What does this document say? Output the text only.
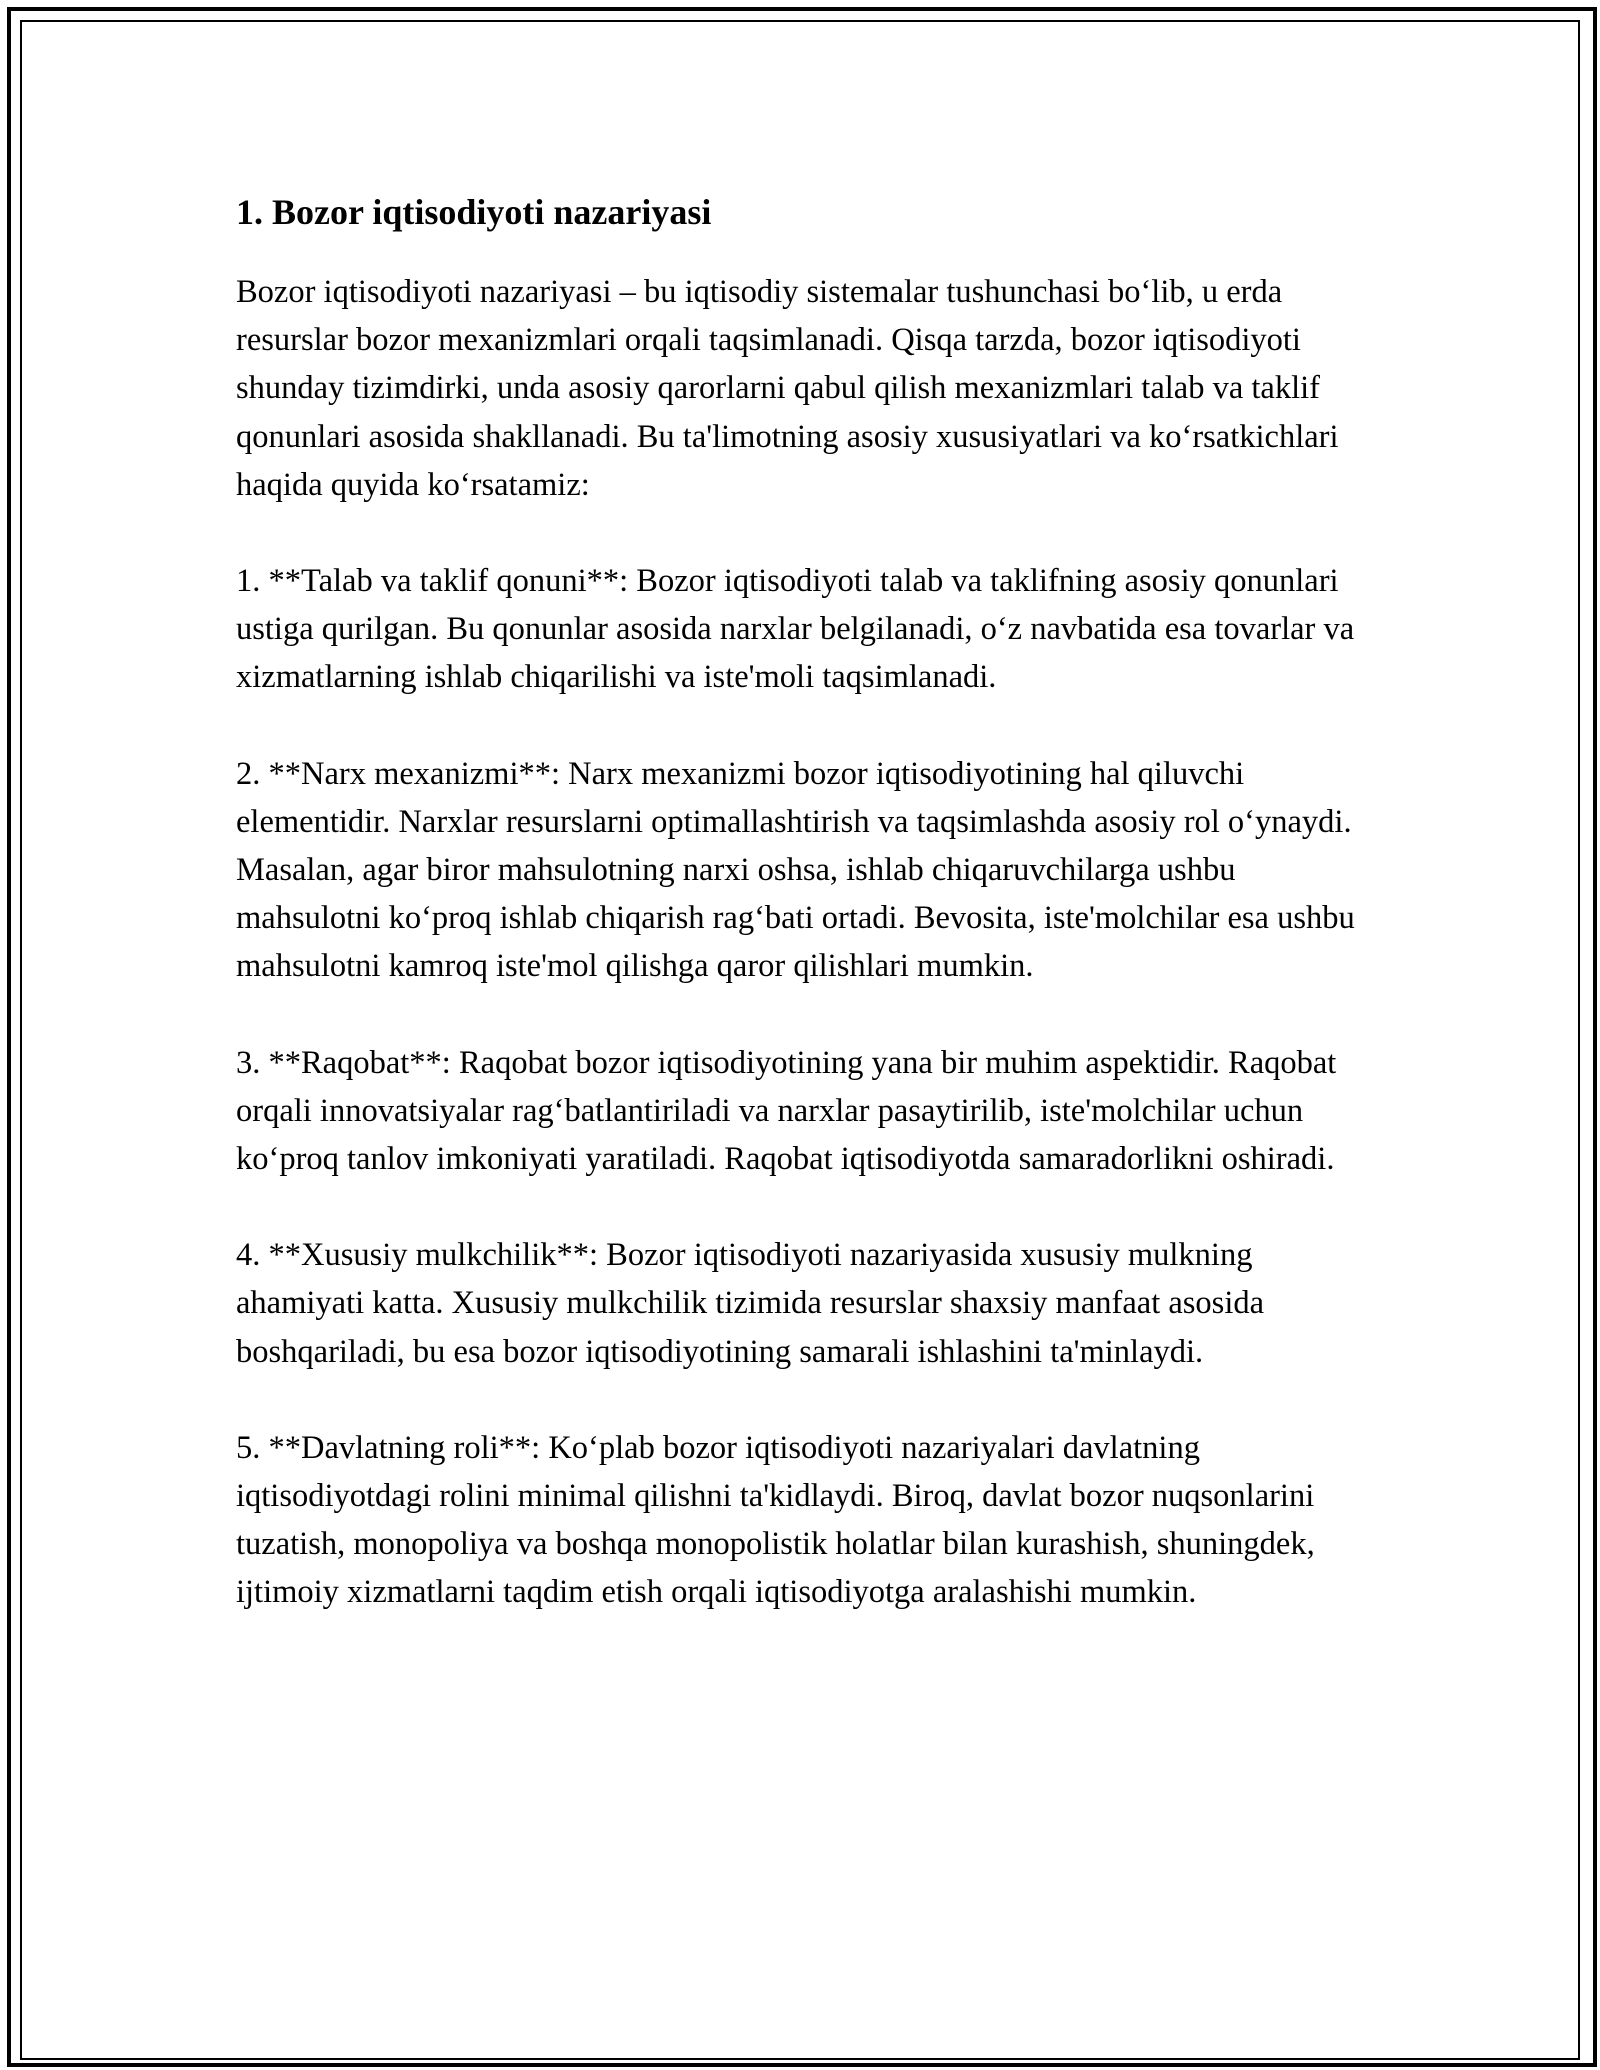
1. Bozor iqtisodiyoti nazariyasi

Bozor iqtisodiyoti nazariyasi – bu iqtisodiy sistemalar tushunchasi bo‘lib, u erda resurslar bozor mexanizmlari orqali taqsimlanadi. Qisqa tarzda, bozor iqtisodiyoti shunday tizimdirki, unda asosiy qarorlarni qabul qilish mexanizmlari talab va taklif qonunlari asosida shakllanadi. Bu ta'limotning asosiy xususiyatlari va ko‘rsatkichlari haqida quyida ko‘rsatamiz:

1. **Talab va taklif qonuni**: Bozor iqtisodiyoti talab va taklifning asosiy qonunlari ustiga qurilgan. Bu qonunlar asosida narxlar belgilanadi, o‘z navbatida esa tovarlar va xizmatlarning ishlab chiqarilishi va iste'moli taqsimlanadi.

2. **Narx mexanizmi**: Narx mexanizmi bozor iqtisodiyotining hal qiluvchi elementidir. Narxlar resurslarni optimallashtirish va taqsimlashda asosiy rol o‘ynaydi. Masalan, agar biror mahsulotning narxi oshsa, ishlab chiqaruvchilarga ushbu mahsulotni ko‘proq ishlab chiqarish rag‘bati ortadi. Bevosita, iste'molchilar esa ushbu mahsulotni kamroq iste'mol qilishga qaror qilishlari mumkin.

3. **Raqobat**: Raqobat bozor iqtisodiyotining yana bir muhim aspektidir. Raqobat orqali innovatsiyalar rag‘batlantiriladi va narxlar pasaytirilib, iste'molchilar uchun ko‘proq tanlov imkoniyati yaratiladi. Raqobat iqtisodiyotda samaradorlikni oshiradi.

4. **Xususiy mulkchilik**: Bozor iqtisodiyoti nazariyasida xususiy mulkning ahamiyati katta. Xususiy mulkchilik tizimida resurslar shaxsiy manfaat asosida boshqariladi, bu esa bozor iqtisodiyotining samarali ishlashini ta'minlaydi.

5. **Davlatning roli**: Ko‘plab bozor iqtisodiyoti nazariyalari davlatning iqtisodiyotdagi rolini minimal qilishni ta'kidlaydi. Biroq, davlat bozor nuqsonlarini tuzatish, monopoliya va boshqa monopolistik holatlar bilan kurashish, shuningdek, ijtimoiy xizmatlarni taqdim etish orqali iqtisodiyotga aralashishi mumkin.
